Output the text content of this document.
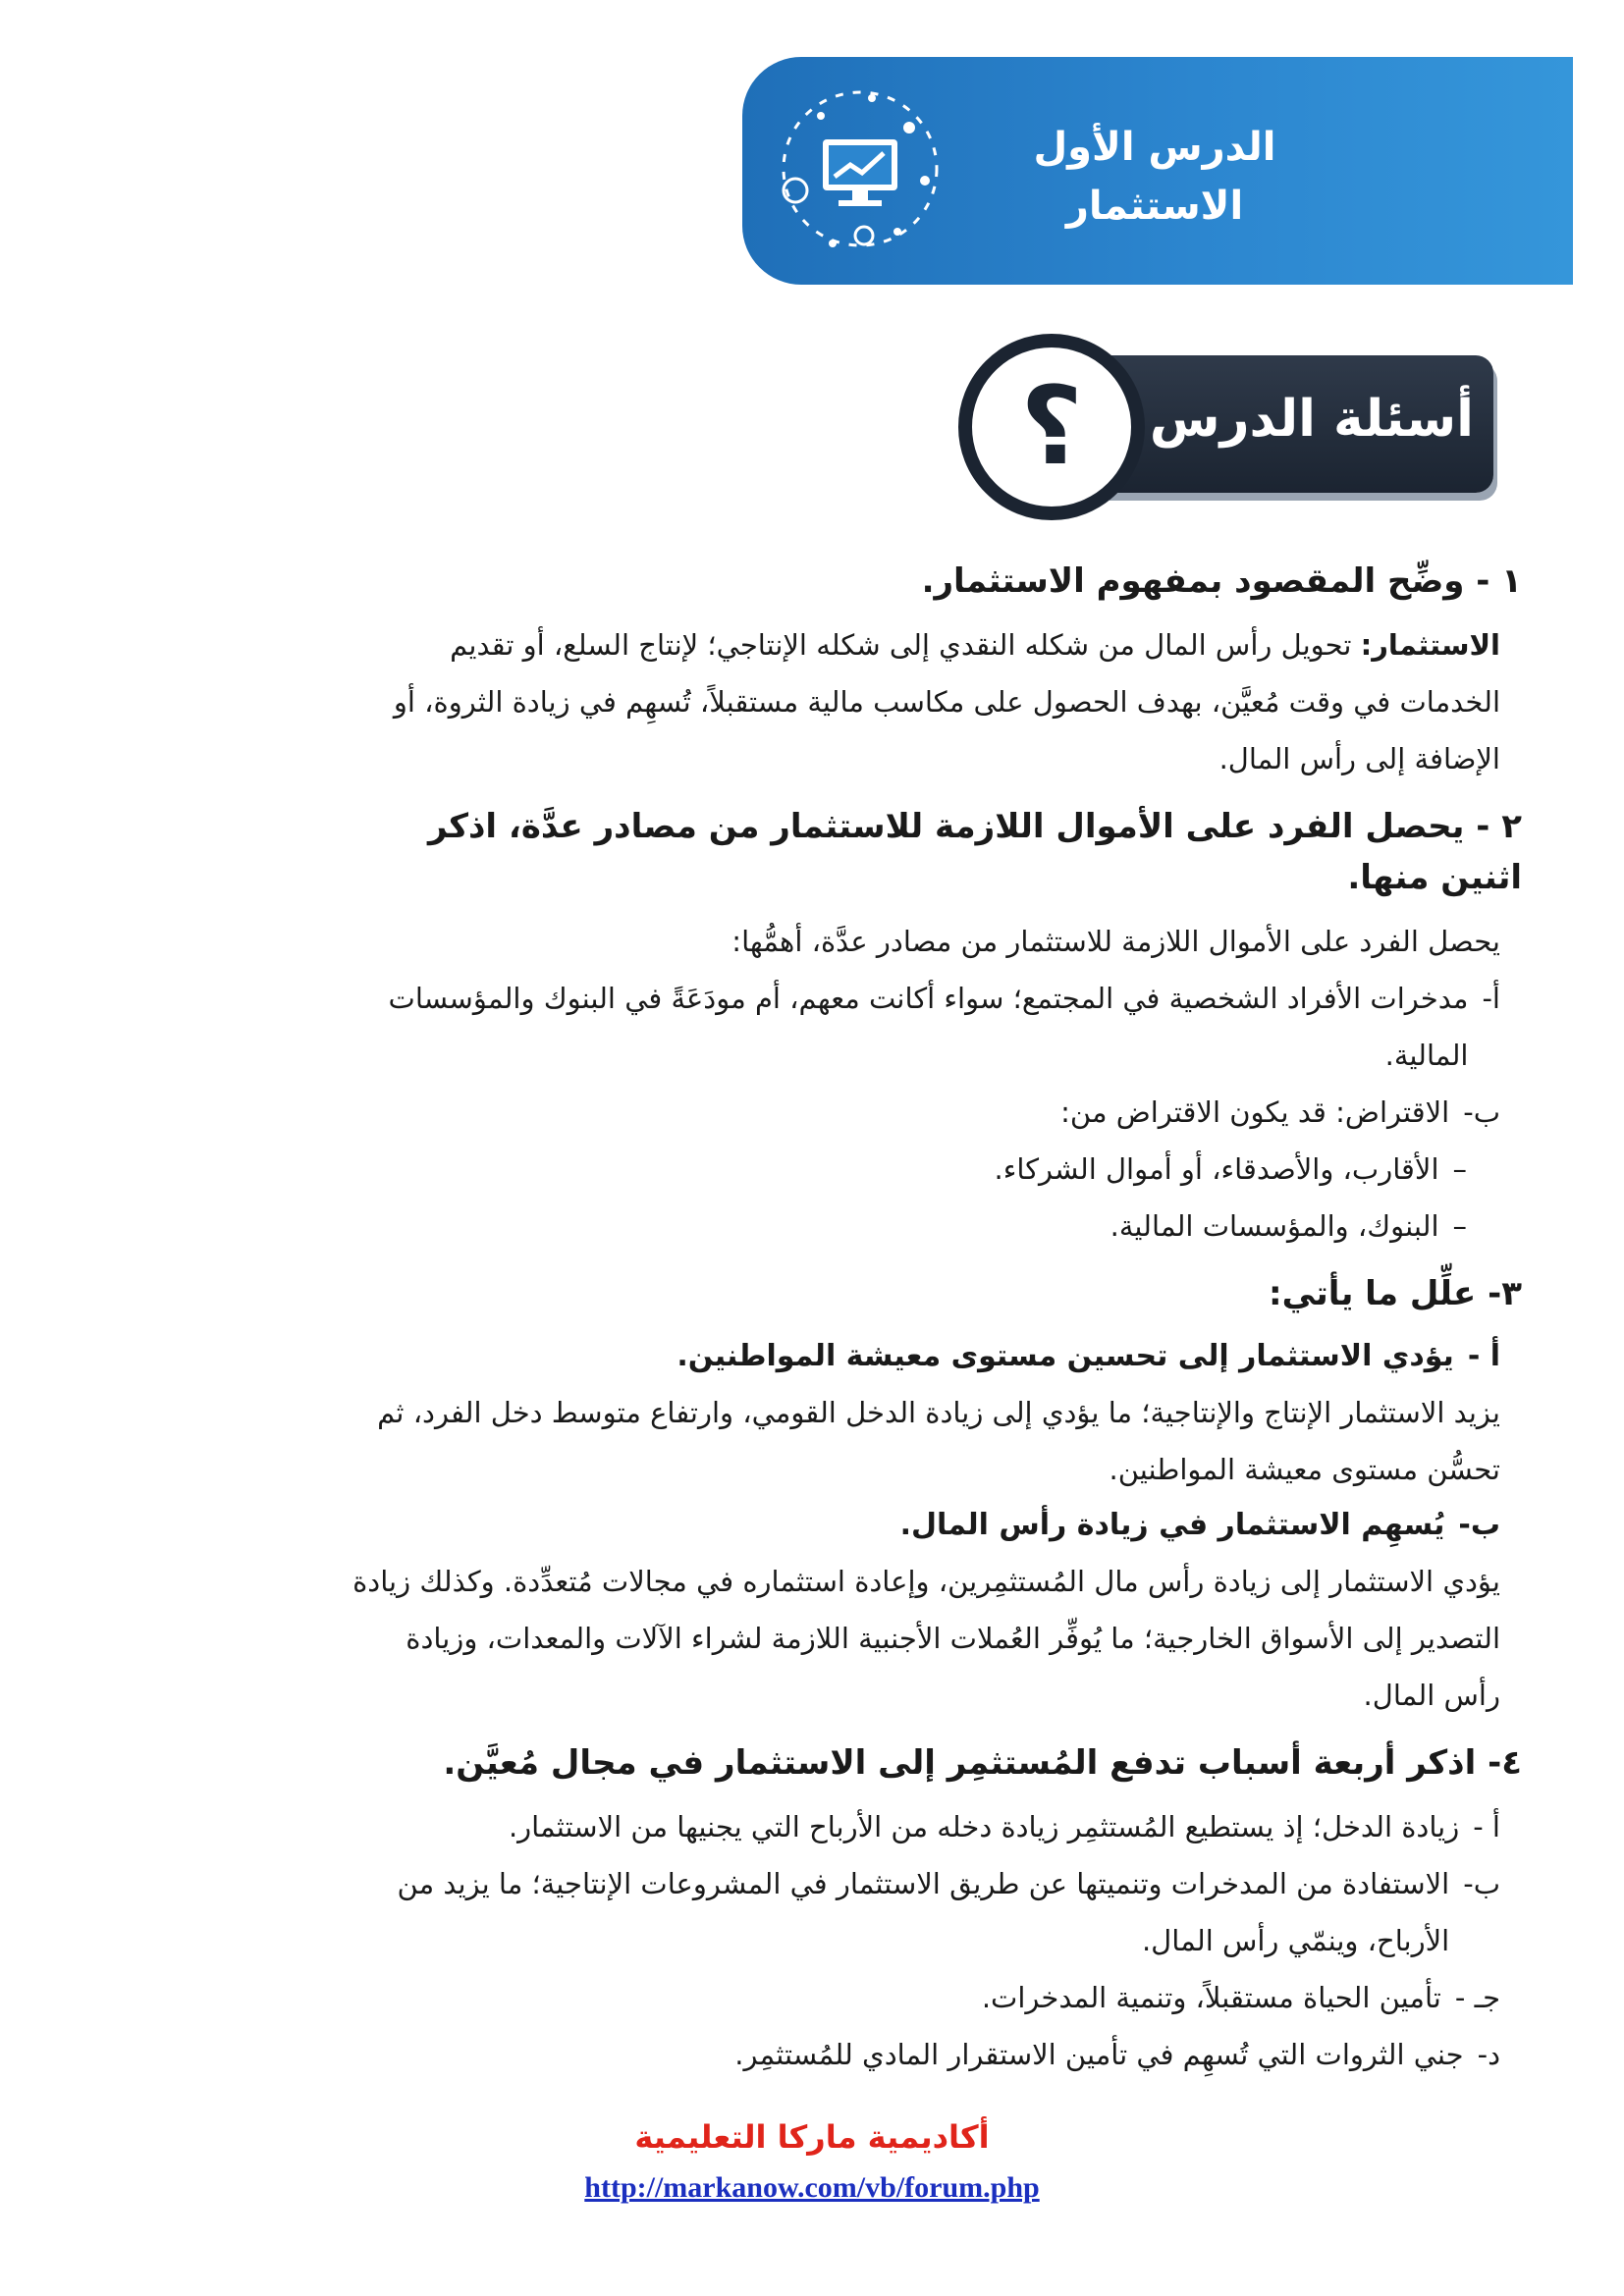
الدرس الأول
الاستثمار
أسئلة الدرس
؟
١ - وضِّح المقصود بمفهوم الاستثمار.

الاستثمار: تحويل رأس المال من شكله النقدي إلى شكله الإنتاجي؛ لإنتاج السلع، أو تقديم الخدمات في وقت مُعيَّن، بهدف الحصول على مكاسب مالية مستقبلاً، تُسهِم في زيادة الثروة، أو الإضافة إلى رأس المال.

٢ - يحصل الفرد على الأموال اللازمة للاستثمار من مصادر عدَّة، اذكر اثنين منها.

يحصل الفرد على الأموال اللازمة للاستثمار من مصادر عدَّة، أهمُّها:

أ-
مدخرات الأفراد الشخصية في المجتمع؛ سواء أكانت معهم، أم مودَعَةً في البنوك والمؤسسات المالية.
ب-
الاقتراض: قد يكون الاقتراض من:
–
الأقارب، والأصدقاء، أو أموال الشركاء.
–
البنوك، والمؤسسات المالية.
٣- علِّل ما يأتي:
أ -
يؤدي الاستثمار إلى تحسين مستوى معيشة المواطنين.

يزيد الاستثمار الإنتاج والإنتاجية؛ ما يؤدي إلى زيادة الدخل القومي، وارتفاع متوسط دخل الفرد، ثم تحسُّن مستوى معيشة المواطنين.

ب-
يُسهِم الاستثمار في زيادة رأس المال.

يؤدي الاستثمار إلى زيادة رأس مال المُستثمِرين، وإعادة استثماره في مجالات مُتعدِّدة. وكذلك زيادة التصدير إلى الأسواق الخارجية؛ ما يُوفِّر العُملات الأجنبية اللازمة لشراء الآلات والمعدات، وزيادة رأس المال.

٤- اذكر أربعة أسباب تدفع المُستثمِر إلى الاستثمار في مجال مُعيَّن.
أ -
زيادة الدخل؛ إذ يستطيع المُستثمِر زيادة دخله من الأرباح التي يجنيها من الاستثمار.
ب-
الاستفادة من المدخرات وتنميتها عن طريق الاستثمار في المشروعات الإنتاجية؛ ما يزيد من الأرباح، وينمّي رأس المال.
جـ -
تأمين الحياة مستقبلاً، وتنمية المدخرات.
د-
جني الثروات التي تُسهِم في تأمين الاستقرار المادي للمُستثمِر.
أكاديمية ماركا التعليمية
http://markanow.com/vb/forum.php
